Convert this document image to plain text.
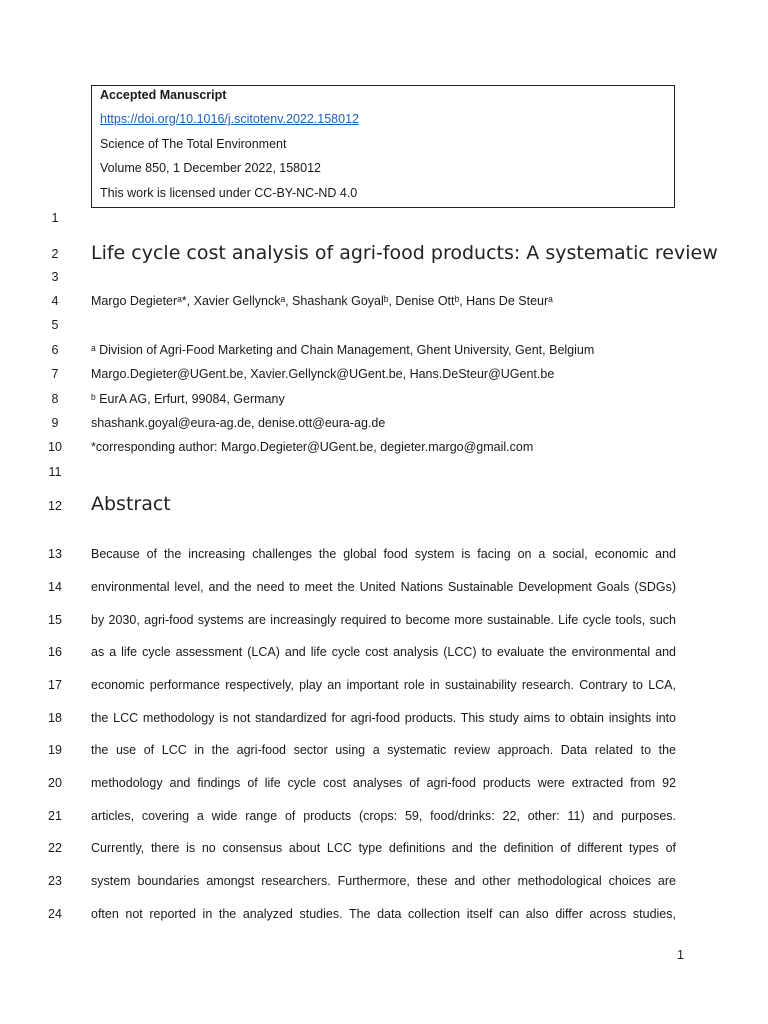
Accepted Manuscript
https://doi.org/10.1016/j.scitotenv.2022.158012
Science of The Total Environment
Volume 850, 1 December 2022, 158012
This work is licensed under CC-BY-NC-ND 4.0
1
2
3
4
5
6
7
8
9
10
11
12
13
14
15
16
17
18
19
20
21
22
23
24
Life cycle cost analysis of agri-food products: A systematic review
Margo Degieterᵃ*, Xavier Gellynckᵃ, Shashank Goyalᵇ, Denise Ottᵇ, Hans De Steurᵃ
ᵃ Division of Agri-Food Marketing and Chain Management, Ghent University, Gent, Belgium
Margo.Degieter@UGent.be, Xavier.Gellynck@UGent.be, Hans.DeSteur@UGent.be
ᵇ EurA AG, Erfurt, 99084, Germany
shashank.goyal@eura-ag.de, denise.ott@eura-ag.de
*corresponding author: Margo.Degieter@UGent.be, degieter.margo@gmail.com
Abstract
Because of the increasing challenges the global food system is facing on a social, economic and
environmental level, and the need to meet the United Nations Sustainable Development Goals (SDGs)
by 2030, agri-food systems are increasingly required to become more sustainable. Life cycle tools, such
as a life cycle assessment (LCA) and life cycle cost analysis (LCC) to evaluate the environmental and
economic performance respectively, play an important role in sustainability research. Contrary to LCA,
the LCC methodology is not standardized for agri-food products. This study aims to obtain insights into
the use of LCC in the agri-food sector using a systematic review approach. Data related to the
methodology and findings of life cycle cost analyses of agri-food products were extracted from 92
articles, covering a wide range of products (crops: 59, food/drinks: 22, other: 11) and purposes.
Currently, there is no consensus about LCC type definitions and the definition of different types of
system boundaries amongst researchers. Furthermore, these and other methodological choices are
often not reported in the analyzed studies. The data collection itself can also differ across studies,
1
